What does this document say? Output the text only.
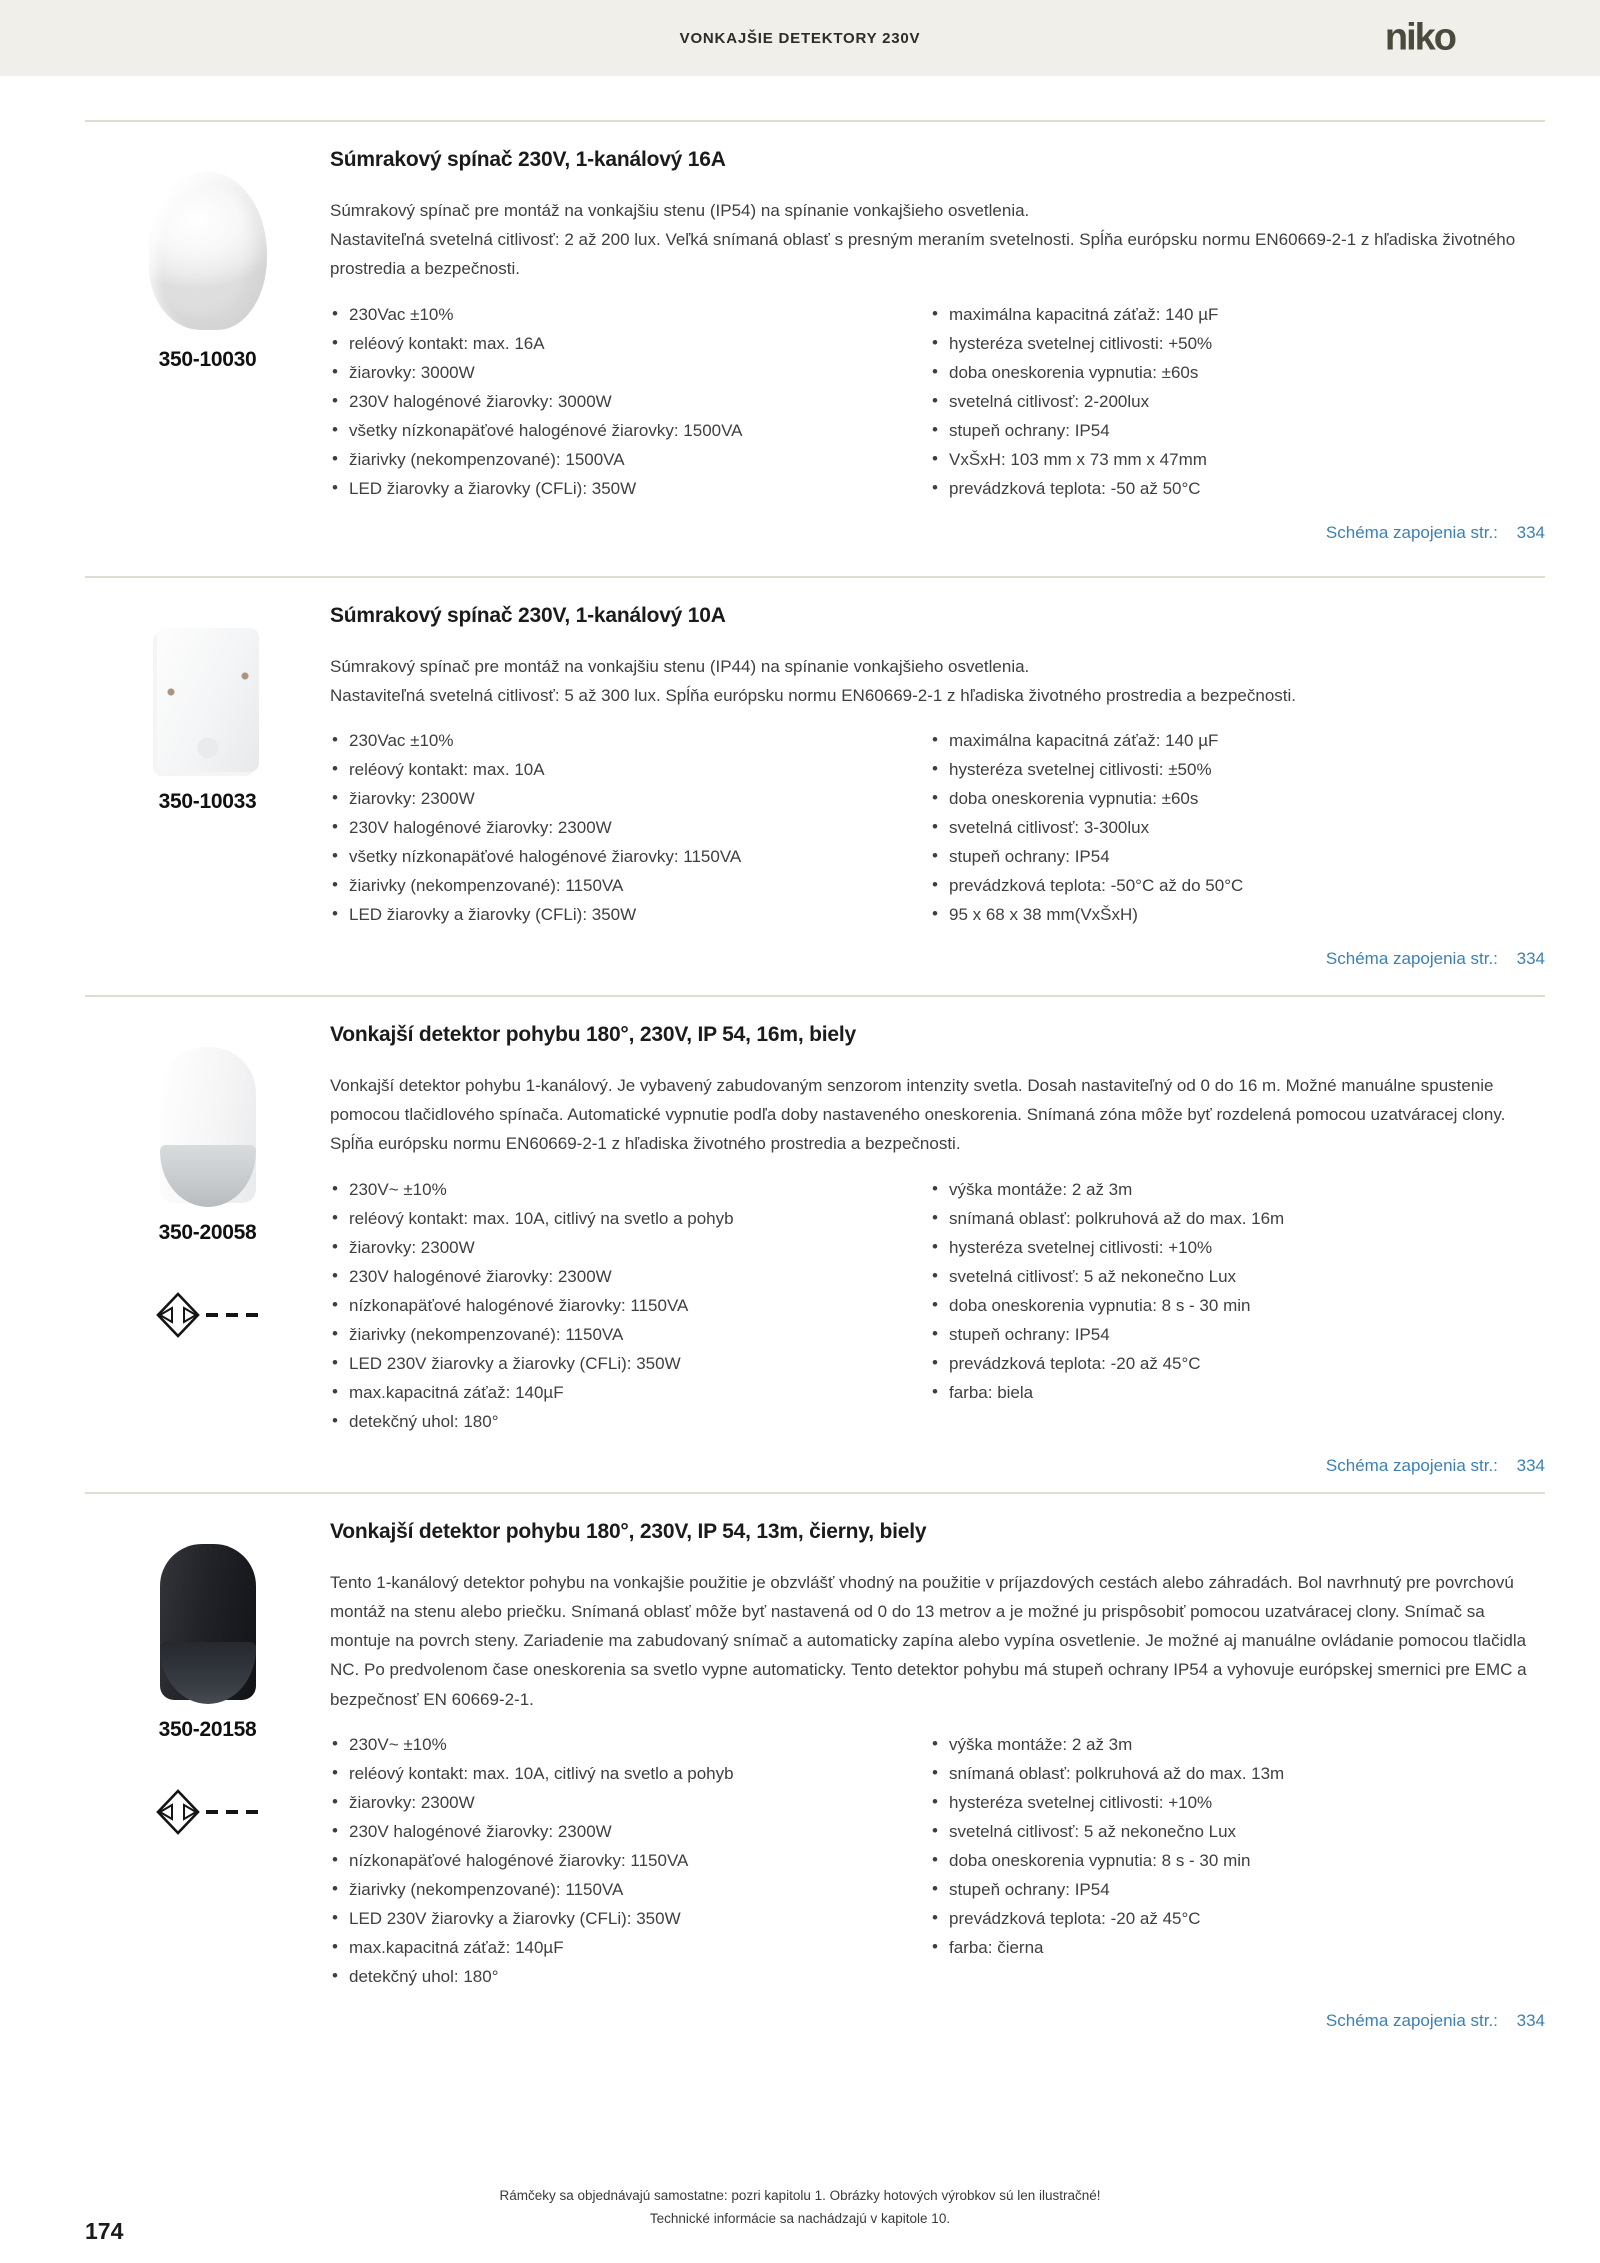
VONKAJŠIE DETEKTORY 230V	niko
350-10030
Súmrakový spínač 230V, 1-kanálový 16A

Súmrakový spínač pre montáž na vonkajšiu stenu (IP54) na spínanie vonkajšieho osvetlenia.

Nastaviteľná svetelná citlivosť: 2 až 200 lux. Veľká snímaná oblasť s presným meraním svetelnosti. Spĺňa európsku normu EN60669-2-1 z hľadiska životného prostredia a bezpečnosti.

• 230Vac ±10%
• reléový kontakt: max. 16A
• žiarovky: 3000W
• 230V halogénové žiarovky: 3000W
• všetky nízkonapäťové halogénové žiarovky: 1500VA
• žiarivky (nekompenzované): 1500VA
• LED žiarovky a žiarovky (CFLi): 350W
• maximálna kapacitná záťaž: 140 µF
• hysteréza svetelnej citlivosti: +50%
• doba oneskorenia vypnutia: ±60s
• svetelná citlivosť: 2-200lux
• stupeň ochrany: IP54
• VxŠxH: 103 mm x 73 mm x 47mm
• prevádzková teplota: -50 až 50°C
Schéma zapojenia str.: 334
350-10033
Súmrakový spínač 230V, 1-kanálový 10A

Súmrakový spínač pre montáž na vonkajšiu stenu (IP44) na spínanie vonkajšieho osvetlenia.

Nastaviteľná svetelná citlivosť: 5 až 300 lux. Spĺňa európsku normu EN60669-2-1 z hľadiska životného prostredia a bezpečnosti.

• 230Vac ±10%
• reléový kontakt: max. 10A
• žiarovky: 2300W
• 230V halogénové žiarovky: 2300W
• všetky nízkonapäťové halogénové žiarovky: 1150VA
• žiarivky (nekompenzované): 1150VA
• LED žiarovky a žiarovky (CFLi): 350W
• maximálna kapacitná záťaž: 140 µF
• hysteréza svetelnej citlivosti: ±50%
• doba oneskorenia vypnutia: ±60s
• svetelná citlivosť: 3-300lux
• stupeň ochrany: IP54
• prevádzková teplota: -50°C až do 50°C
• 95 x 68 x 38 mm(VxŠxH)
Schéma zapojenia str.: 334
350-20058
Vonkajší detektor pohybu 180°, 230V, IP 54, 16m, biely

Vonkajší detektor pohybu 1-kanálový. Je vybavený zabudovaným senzorom intenzity svetla. Dosah nastaviteľný od 0 do 16 m. Možné manuálne spustenie pomocou tlačidlového spínača. Automatické vypnutie podľa doby nastaveného oneskorenia. Snímaná zóna môže byť rozdelená pomocou uzatváracej clony. Spĺňa európsku normu EN60669-2-1 z hľadiska životného prostredia a bezpečnosti.

• 230V~ ±10%
• reléový kontakt: max. 10A, citlivý na svetlo a pohyb
• žiarovky: 2300W
• 230V halogénové žiarovky: 2300W
• nízkonapäťové halogénové žiarovky: 1150VA
• žiarivky (nekompenzované): 1150VA
• LED 230V žiarovky a žiarovky (CFLi): 350W
• max.kapacitná záťaž: 140µF
• detekčný uhol: 180°
• výška montáže: 2 až 3m
• snímaná oblasť: polkruhová až do max. 16m
• hysteréza svetelnej citlivosti: +10%
• svetelná citlivosť: 5 až nekonečno Lux
• doba oneskorenia vypnutia: 8 s - 30 min
• stupeň ochrany: IP54
• prevádzková teplota: -20 až 45°C
• farba: biela
Schéma zapojenia str.: 334
350-20158
Vonkajší detektor pohybu 180°, 230V, IP 54, 13m, čierny, biely

Tento 1-kanálový detektor pohybu na vonkajšie použitie je obzvlášť vhodný na použitie v príjazdových cestách alebo záhradách. Bol navrhnutý pre povrchovú montáž na stenu alebo priečku. Snímaná oblasť môže byť nastavená od 0 do 13 metrov a je možné ju prispôsobiť pomocou uzatváracej clony. Snímač sa montuje na povrch steny. Zariadenie ma zabudovaný snímač a automaticky zapína alebo vypína osvetlenie. Je možné aj manuálne ovládanie pomocou tlačidla NC. Po predvolenom čase oneskorenia sa svetlo vypne automaticky. Tento detektor pohybu má stupeň ochrany IP54 a vyhovuje európskej smernici pre EMC a bezpečnosť EN 60669-2-1.

• 230V~ ±10%
• reléový kontakt: max. 10A, citlivý na svetlo a pohyb
• žiarovky: 2300W
• 230V halogénové žiarovky: 2300W
• nízkonapäťové halogénové žiarovky: 1150VA
• žiarivky (nekompenzované): 1150VA
• LED 230V žiarovky a žiarovky (CFLi): 350W
• max.kapacitná záťaž: 140µF
• detekčný uhol: 180°
• výška montáže: 2 až 3m
• snímaná oblasť: polkruhová až do max. 13m
• hysteréza svetelnej citlivosti: +10%
• svetelná citlivosť: 5 až nekonečno Lux
• doba oneskorenia vypnutia: 8 s - 30 min
• stupeň ochrany: IP54
• prevádzková teplota: -20 až 45°C
• farba: čierna
Schéma zapojenia str.: 334
174
Rámčeky sa objednávajú samostatne: pozri kapitolu 1. Obrázky hotových výrobkov sú len ilustračné!
Technické informácie sa nachádzajú v kapitole 10.
